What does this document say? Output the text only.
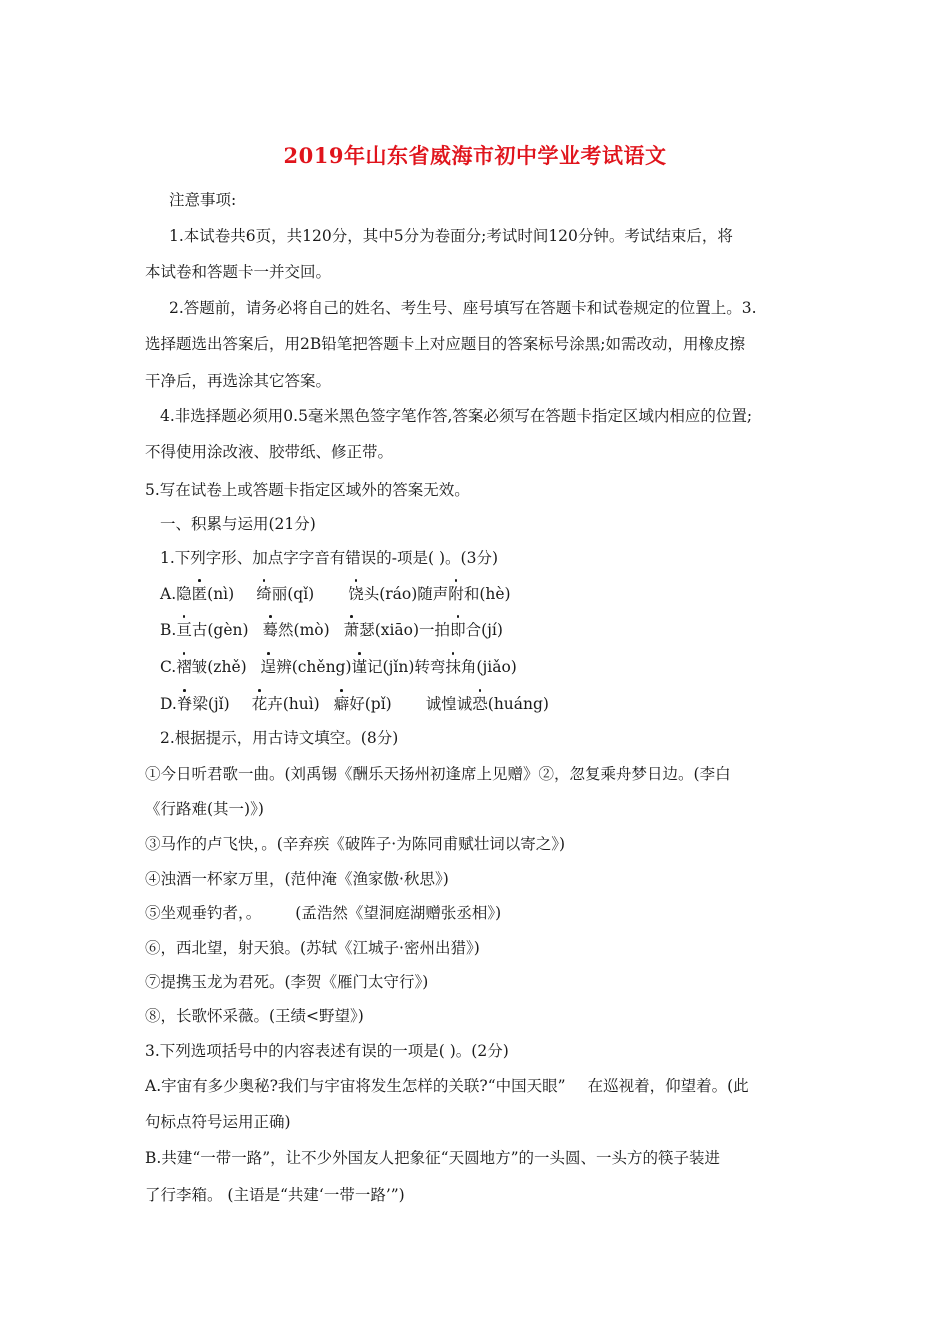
2019年山东省威海市初中学业考试语文
注意事项:
1.本试卷共6页，共120分，其中5分为卷面分;考试时间120分钟。考试结束后，将
本试卷和答题卡一并交回。
2.答题前，请务必将自己的姓名、考生号、座号填写在答题卡和试卷规定的位置上。3.
选择题选出答案后，用2B铅笔把答题卡上对应题目的答案标号涂黑;如需改动，用橡皮擦
干净后，再选涂其它答案。
4.非选择题必须用0.5毫米黑色签字笔作答,答案必须写在答题卡指定区域内相应的位置;
不得使用涂改液、胶带纸、修正带。
5.写在试卷上或答题卡指定区域外的答案无效。
一、积累与运用(21分)
1.下列字形、加点字字音有错误的-项是( )。(3分)
A.隐匿(nì) 绮丽(qǐ) 饶头(ráo)随声附和(hè)
B.亘古(gèn) 蓦然(mò) 萧瑟(xiāo)一拍即合(jí)
C.褶皱(zhě) 逞辨(chěng)谨记(jǐn)转弯抹角(jiǎo)
D.脊梁(jǐ) 花卉(huì) 癖好(pǐ) 诚惶诚恐(huáng)
2.根据提示，用古诗文填空。(8分)
①今日听君歌一曲。(刘禹锡《酬乐天扬州初逢席上见赠》②，忽复乘舟梦日边。(李白
《行路难(其一)》)
③马作的卢飞快，。(辛弃疾《破阵子·为陈同甫赋壮词以寄之》)
④浊酒一杯家万里，(范仲淹《渔家傲·秋思》)
⑤坐观垂钓者，。 (孟浩然《望洞庭湖赠张丞相》)
⑥，西北望，射天狼。(苏轼《江城子·密州出猎》)
⑦提携玉龙为君死。(李贺《雁门太守行》)
⑧，长歌怀采薇。(王绩<野望》)
3.下列选项括号中的内容表述有误的一项是( )。(2分)
A.宇宙有多少奥秘?我们与宇宙将发生怎样的关联?“中国天眼” 在巡视着，仰望着。(此
句标点符号运用正确)
B.共建“一带一路”，让不少外国友人把象征“天圆地方”的一头圆、一头方的筷子装进
了行李箱。 (主语是“共建‘一带一路’”)
